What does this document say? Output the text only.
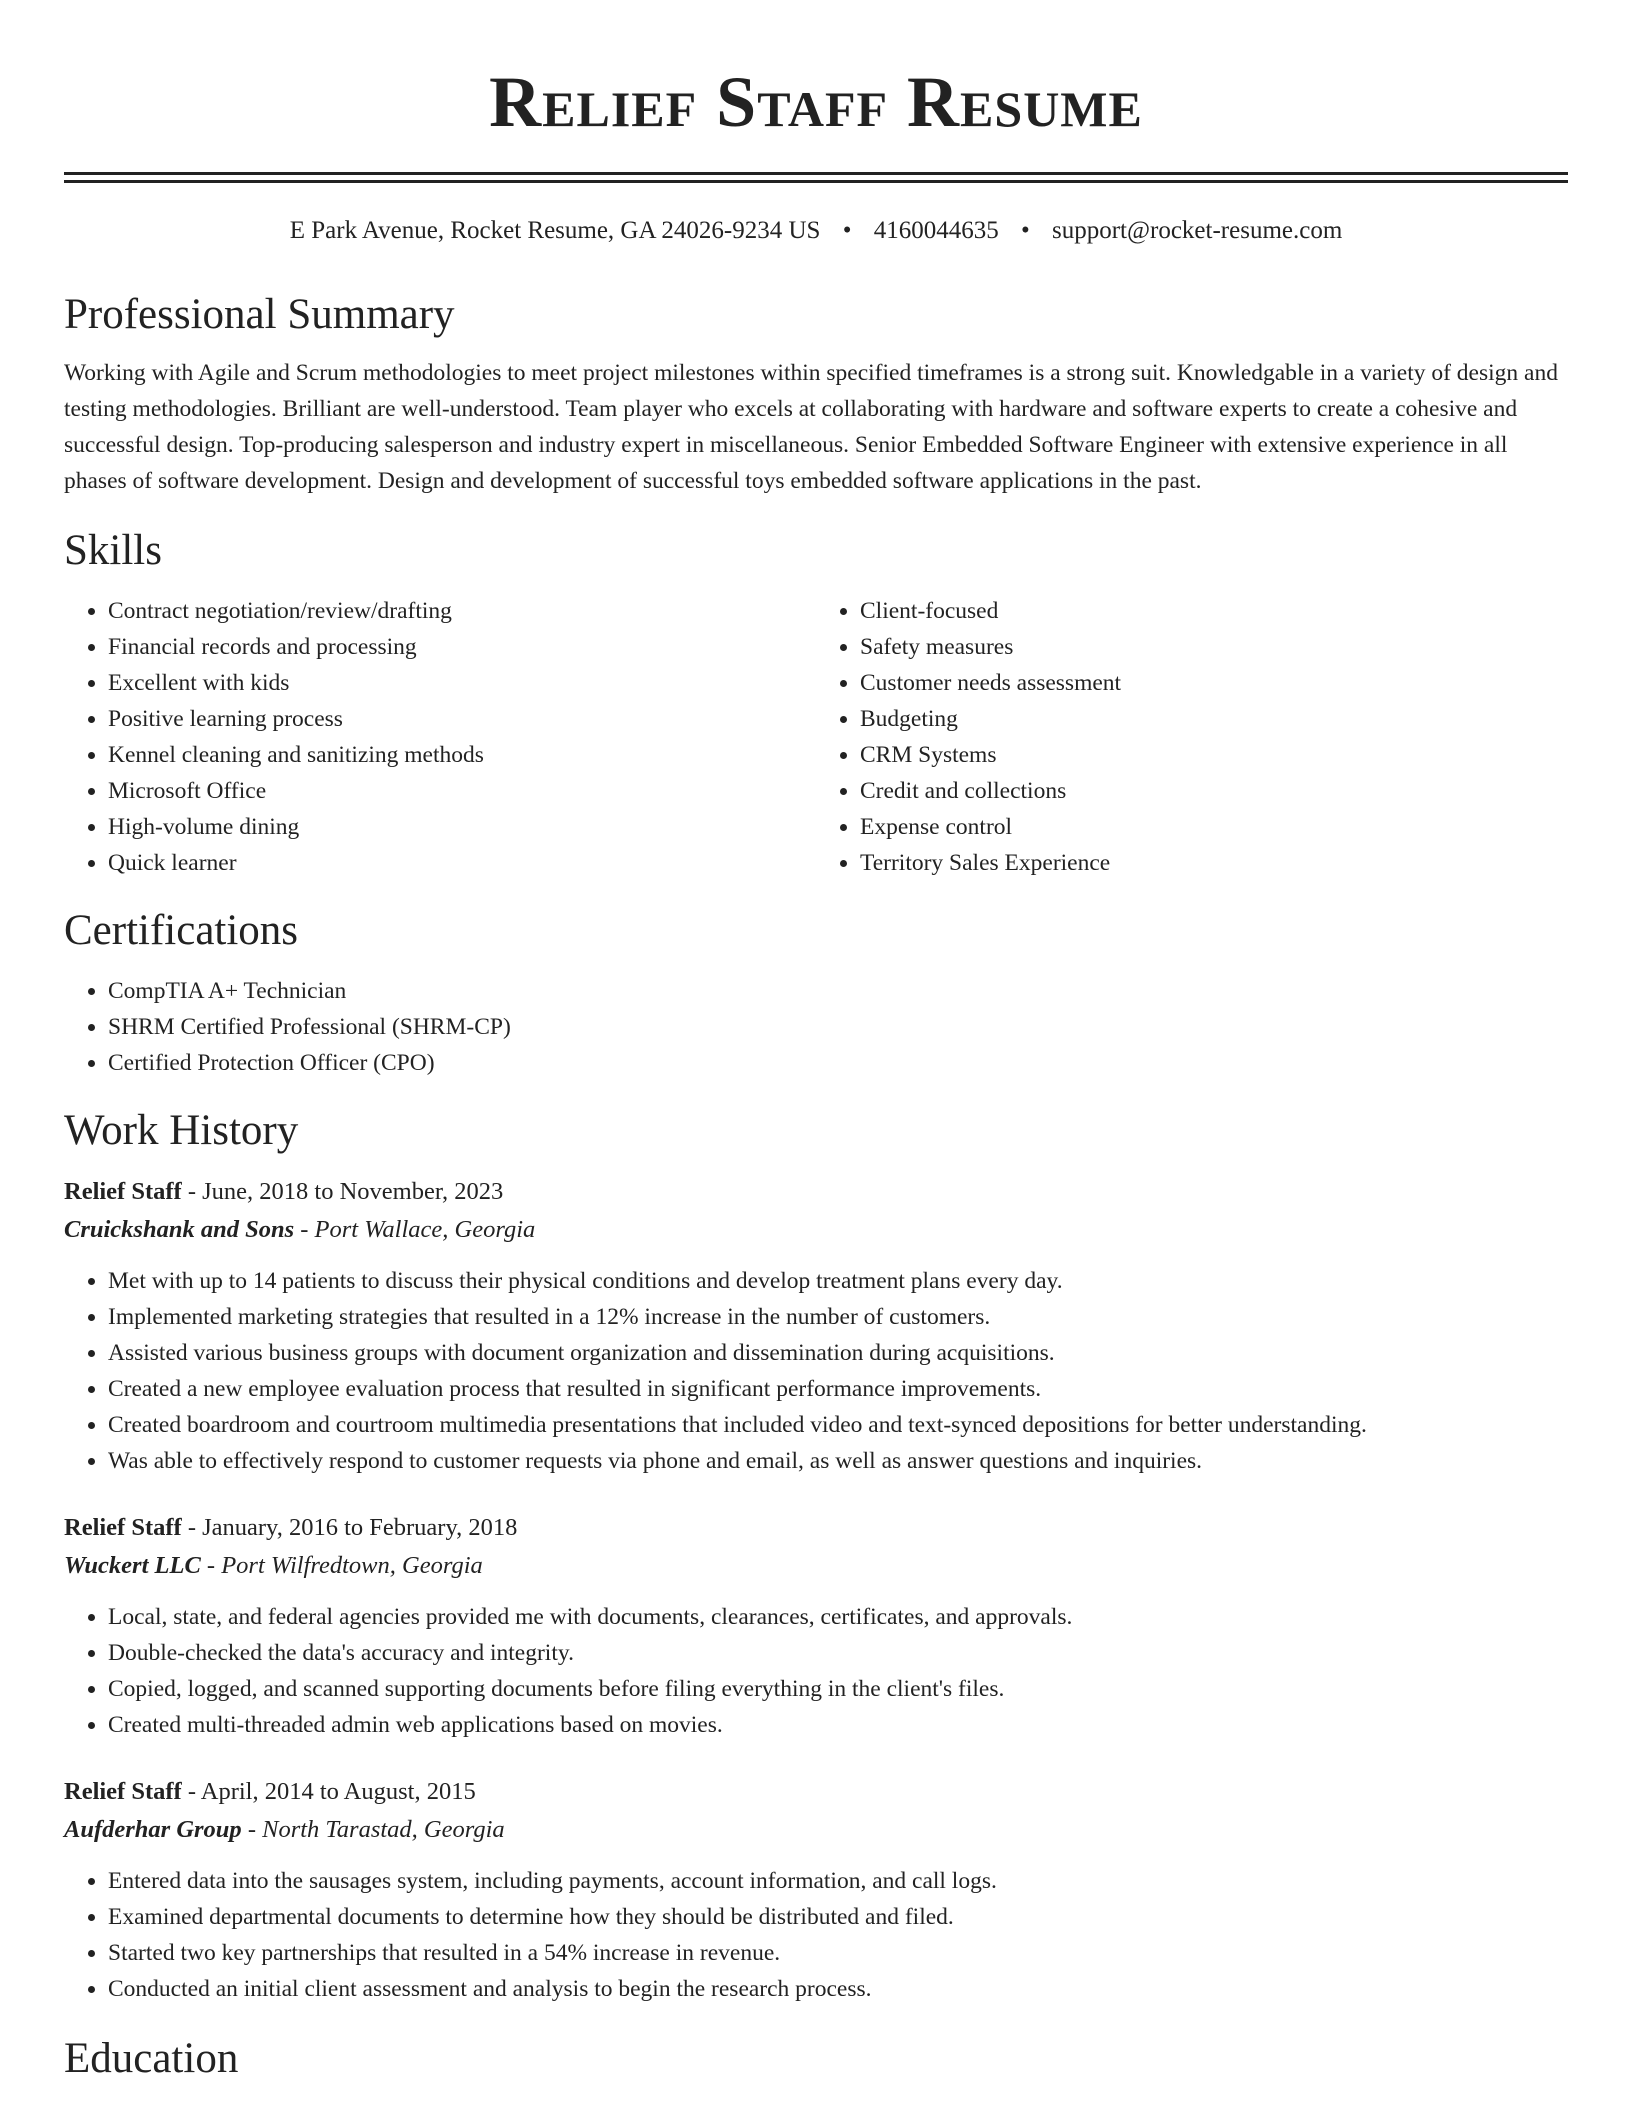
Relief Staff Resume
E Park Avenue, Rocket Resume, GA 24026-9234 US • 4160044635 • support@rocket-resume.com
Professional Summary

Working with Agile and Scrum methodologies to meet project milestones within specified timeframes is a strong suit. Knowledgable in a variety of design and testing methodologies. Brilliant are well-understood. Team player who excels at collaborating with hardware and software experts to create a cohesive and successful design. Top-producing salesperson and industry expert in miscellaneous. Senior Embedded Software Engineer with extensive experience in all phases of software development. Design and development of successful toys embedded software applications in the past.

Skills
• Contract negotiation/review/drafting
• Financial records and processing
• Excellent with kids
• Positive learning process
• Kennel cleaning and sanitizing methods
• Microsoft Office
• High-volume dining
• Quick learner
• Client-focused
• Safety measures
• Customer needs assessment
• Budgeting
• CRM Systems
• Credit and collections
• Expense control
• Territory Sales Experience
Certifications
• CompTIA A+ Technician
• SHRM Certified Professional (SHRM-CP)
• Certified Protection Officer (CPO)
Work History
Relief Staff - June, 2018 to November, 2023
Cruickshank and Sons - Port Wallace, Georgia
• Met with up to 14 patients to discuss their physical conditions and develop treatment plans every day.
• Implemented marketing strategies that resulted in a 12% increase in the number of customers.
• Assisted various business groups with document organization and dissemination during acquisitions.
• Created a new employee evaluation process that resulted in significant performance improvements.
• Created boardroom and courtroom multimedia presentations that included video and text-synced depositions for better understanding.
• Was able to effectively respond to customer requests via phone and email, as well as answer questions and inquiries.
Relief Staff - January, 2016 to February, 2018
Wuckert LLC - Port Wilfredtown, Georgia
• Local, state, and federal agencies provided me with documents, clearances, certificates, and approvals.
• Double-checked the data's accuracy and integrity.
• Copied, logged, and scanned supporting documents before filing everything in the client's files.
• Created multi-threaded admin web applications based on movies.
Relief Staff - April, 2014 to August, 2015
Aufderhar Group - North Tarastad, Georgia
• Entered data into the sausages system, including payments, account information, and call logs.
• Examined departmental documents to determine how they should be distributed and filed.
• Started two key partnerships that resulted in a 54% increase in revenue.
• Conducted an initial client assessment and analysis to begin the research process.
Education
